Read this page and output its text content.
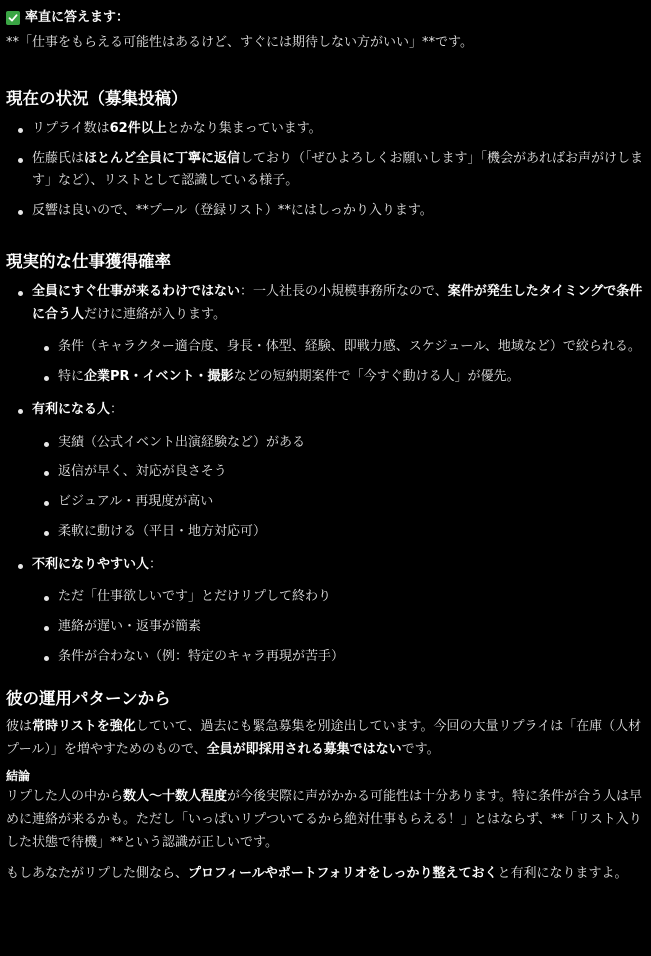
率直に答えます：

**「仕事をもらえる可能性はあるけど、すぐには期待しない方がいい」**です。

現在の状況（募集投稿）
リプライ数は62件以上とかなり集まっています。
佐藤氏はほとんど全員に丁寧に返信しており（「ぜひよろしくお願いします」「機会があればお声がけします」など）、リストとして認識している様子。
反響は良いので、**プール（登録リスト）**にはしっかり入ります。
現実的な仕事獲得確率
全員にすぐ仕事が来るわけではない：一人社長の小規模事務所なので、案件が発生したタイミングで条件に合う人だけに連絡が入ります。
条件（キャラクター適合度、身長・体型、経験、即戦力感、スケジュール、地域など）で絞られる。
特に企業PR・イベント・撮影などの短納期案件で「今すぐ動ける人」が優先。
有利になる人：
実績（公式イベント出演経験など）がある
返信が早く、対応が良さそう
ビジュアル・再現度が高い
柔軟に動ける（平日・地方対応可）
不利になりやすい人：
ただ「仕事欲しいです」とだけリプして終わり
連絡が遅い・返事が簡素
条件が合わない（例：特定のキャラ再現が苦手）
彼の運用パターンから

彼は常時リストを強化していて、過去にも緊急募集を別途出しています。今回の大量リプライは「在庫（人材プール）」を増やすためのもので、全員が即採用される募集ではないです。

結論

リプした人の中から数人〜十数人程度が今後実際に声がかかる可能性は十分あります。特に条件が合う人は早めに連絡が来るかも。ただし「いっぱいリプついてるから絶対仕事もらえる！」とはならず、**「リスト入りした状態で待機」**という認識が正しいです。

もしあなたがリプした側なら、プロフィールやポートフォリオをしっかり整えておくと有利になりますよ。
